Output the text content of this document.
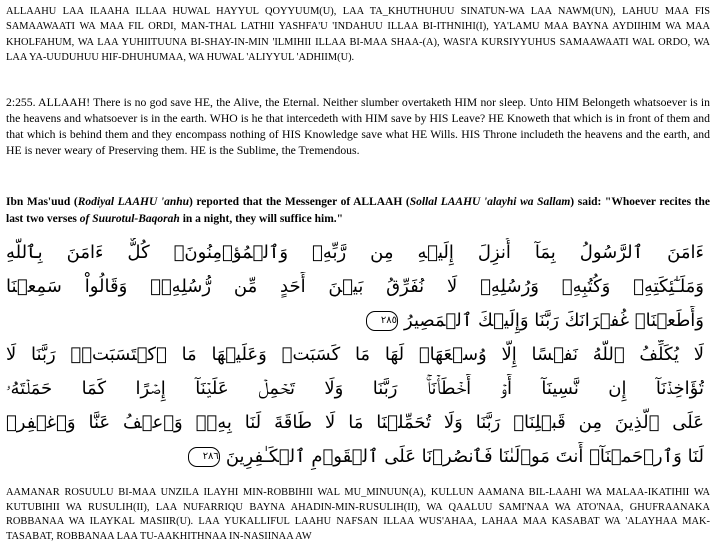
ALLAAHU LAA ILAAHA ILLAA HUWAL HAYYUL QOYYUUM(U), LAA TA_KHUTHUHUU SINATUN-WA LAA NAWM(UN), LAHUU MAA FIS SAMAAWAATI WA MAA FIL ORDI, MAN-THAL LATHII YASHFA'U 'INDAHUU ILLAA BI-ITHNIHI(I), YA'LAMU MAA BAYNA AYDIIHIM WA MAA KHOLFAHUM, WA LAA YUHIITUUNA BI-SHAY-IN-MIN 'ILMIHII ILLAA BI-MAA SHAA-(A), WASI'A KURSIYYUHUS SAMAAWAATI WAL ORDO, WA LAA YA-UUDUHUU HIF-DHUHUMAA, WA HUWAL 'ALIYYUL 'ADHIIM(U).

2:255. ALLAAH! There is no god save HE, the Alive, the Eternal. Neither slumber overtaketh HIM nor sleep. Unto HIM Belongeth whatsoever is in the heavens and whatsoever is in the earth. WHO is he that intercedeth with HIM save by HIS Leave? HE Knoweth that which is in front of them and that which is behind them and they encompass nothing of HIS Knowledge save what HE Wills. HIS Throne includeth the heavens and the earth, and HE is never weary of Preserving them. HE is the Sublime, the Tremendous.

Ibn Mas'uud (Rodiyal LAAHU 'anhu) reported that the Messenger of ALLAAH (Sollal LAAHU 'alayhi wa Sallam) said: "Whoever recites the last two verses of Suurotul-Baqorah in a night, they will suffice him."

ءَامَنَ ٱلرَّسُولُ بِمَآ أُنزِلَ إِلَيۡهِ مِن رَّبِّهِۦ وَٱلۡمُؤۡمِنُونَۚ كُلٌّ ءَامَنَ بِٱللَّهِ
وَمَلَـٰٓئِكَتِهِۦ وَكُتُبِهِۦ وَرُسُلِهِۦ لَا نُفَرِّقُ بَيۡنَ أَحَدٍ مِّن رُّسُلِهِۦۚ وَقَالُواْ سَمِعۡنَا
وَأَطَعۡنَاۖ غُفۡرَانَكَ رَبَّنَا وَإِلَيۡكَ ٱلۡمَصِيرُ٢٨٥
لَا يُكَلِّفُ ٱللَّهُ نَفۡسًا إِلَّا وُسۡعَهَاۚ لَهَا مَا كَسَبَتۡ وَعَلَيۡهَا مَا ٱكۡتَسَبَتۡۗ رَبَّنَا لَا
تُؤَاخِذۡنَآ إِن نَّسِينَآ أَوۡ أَخۡطَأۡنَاۚ رَبَّنَا وَلَا تَحۡمِلۡ عَلَيۡنَآ إِصۡرًا كَمَا حَمَلۡتَهُۥ
عَلَى ٱلَّذِينَ مِن قَبۡلِنَاۚ رَبَّنَا وَلَا تُحَمِّلۡنَا مَا لَا طَاقَةَ لَنَا بِهِۦۖ وَٱعۡفُ عَنَّا وَٱغۡفِرۡ
لَنَا وَٱرۡحَمۡنَآۚ أَنتَ مَوۡلَىٰنَا فَٱنصُرۡنَا عَلَى ٱلۡقَوۡمِ ٱلۡكَـٰفِرِينَ٢٨٦

AAMANAR ROSUULU BI-MAA UNZILA ILAYHI MIN-ROBBIHII WAL MU_MINUUN(A), KULLUN AAMANA BIL-LAAHI WA MALAA-IKATIHII WA KUTUBIHII WA RUSULIH(II), LAA NUFARRIQU BAYNA AHADIN-MIN-RUSULIH(II), WA QAALUU SAMI'NAA WA ATO'NAA, GHUFRAANAKA ROBBANAA WA ILAYKAL MASIIR(U). LAA YUKALLIFUL LAAHU NAFSAN ILLAA WUS'AHAA, LAHAA MAA KASABAT WA 'ALAYHAA MAK-TASABAT, ROBBANAA LAA TU-AAKHITHNAA IN-NASIINAA AW
